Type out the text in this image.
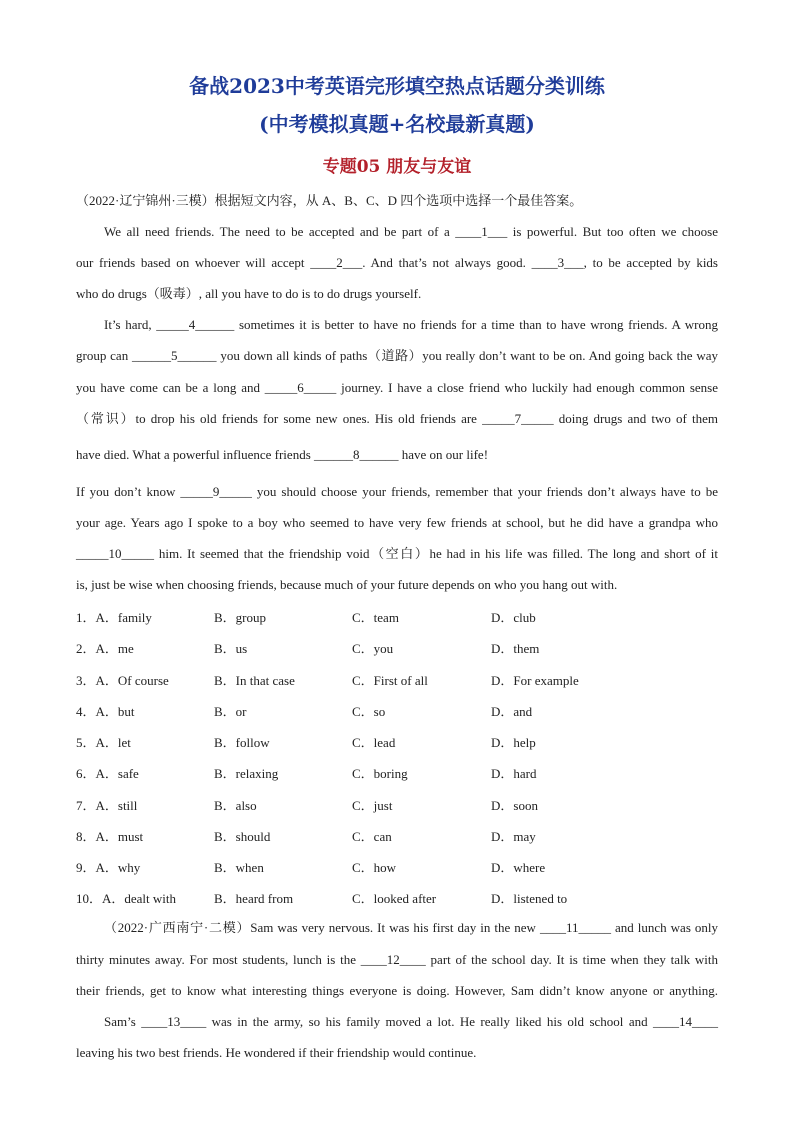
备战2023中考英语完形填空热点话题分类训练
(中考模拟真题+名校最新真题)
专题05 朋友与友谊
（2022·辽宁锦州·三模）根据短文内容，从 A、B、C、D 四个选项中选择一个最佳答案。
We all need friends. The need to be accepted and be part of a ____1___ is powerful. But too often we choose
our friends based on whoever will accept ____2___. And that’s not always good. ____3___, to be accepted by kids
who do drugs（吸毒）, all you have to do is to do drugs yourself.
It’s hard, _____4______ sometimes it is better to have no friends for a time than to have wrong friends. A wrong
group can ______5______ you down all kinds of paths（道路）you really don’t want to be on. And going back the way
you have come can be a long and _____6_____ journey. I have a close friend who luckily had enough common sense
（常识）to drop his old friends for some new ones. His old friends are _____7_____ doing drugs and two of them
have died. What a powerful influence friends ______8______ have on our life!
If you don’t know _____9_____ you should choose your friends, remember that your friends don’t always have to be
your age. Years ago I spoke to a boy who seemed to have very few friends at school, but he did have a grandpa who
_____10_____ him. It seemed that the friendship void（空白）he had in his life was filled. The long and short of it
is, just be wise when choosing friends, because much of your future depends on who you hang out with.
1．A．family	B．group	C．team	D．club
2．A．me	B．us	C．you	D．them
3．A．Of course	B．In that case	C．First of all	D．For example
4．A．but	B．or	C．so	D．and
5．A．let	B．follow	C．lead	D．help
6．A．safe	B．relaxing	C．boring	D．hard
7．A．still	B．also	C．just	D．soon
8．A．must	B．should	C．can	D．may
9．A．why	B．when	C．how	D．where
10．A．dealt with	B．heard from	C．looked after	D．listened to
（2022·广西南宁·二模）Sam was very nervous. It was his first day in the new ____11_____ and lunch was only
thirty minutes away. For most students, lunch is the ____12____ part of the school day. It is time when they talk with
their friends, get to know what interesting things everyone is doing. However, Sam didn’t know anyone or anything.
Sam’s ____13____ was in the army, so his family moved a lot. He really liked his old school and ____14____
leaving his two best friends. He wondered if their friendship would continue.
